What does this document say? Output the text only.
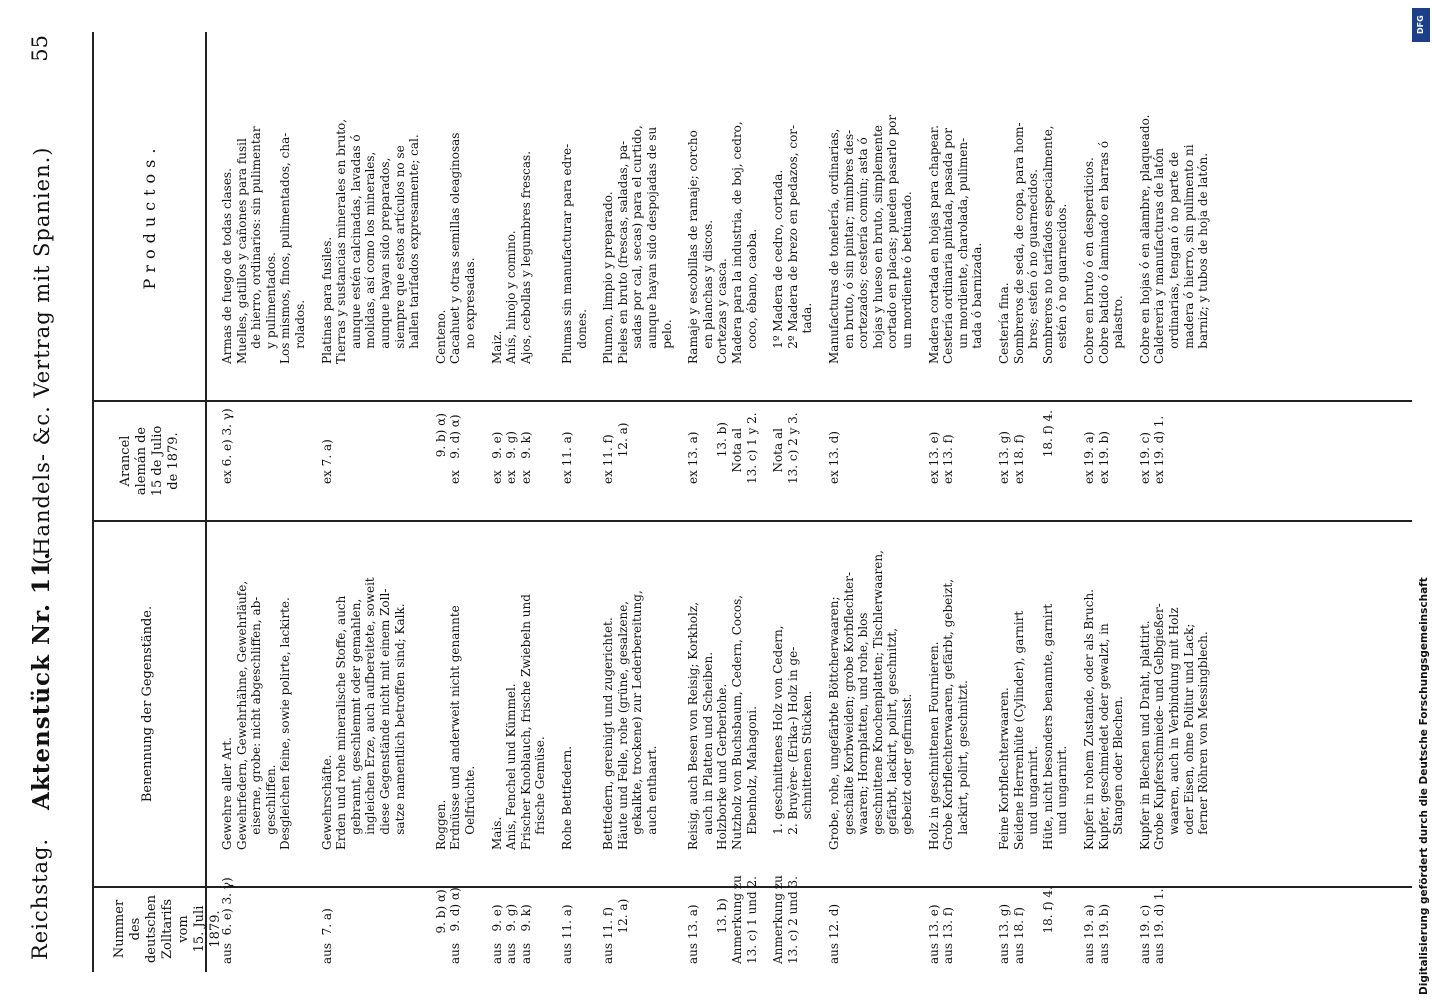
Reichstag.
Aktenstück Nr. 11.
(Handels- &c. Vertrag mit Spanien.)
55
Nummer des deutschen Zolltarifs vom 15. Juli 1879.
Benennung der Gegenstände.
Arancel alemán de 15 de Julio de 1879.
Productos.
aus  6. e) 3. γ)
Gewehre aller Art.
Gewehrfedern, Gewehrhähne, Gewehrläufe,
eiserne, grobe: nicht abgeschliffen, ab-
geschliffen.
Desgleichen feine, sowie polirte, lackirte.
ex 6. e) 3. γ)
Armas de fuego de todas clases.
Muelles, gatillos y cañones para fusil
de hierro, ordinarios: sin pulimentar
y pulimentados.
Los mismos, finos, pulimentados, cha-
rolados.
aus  7. a)
Gewehrschäfte.
Erden und rohe mineralische Stoffe, auch
gebrannt, geschlemmt oder gemahlen,
ingleichen Erze, auch aufbereitete, soweit
diese Gegenstände nicht mit einem Zoll-
satze namentlich betroffen sind; Kalk.
ex 7. a)
Platinas para fusiles.
Tierras y sustancias minerales en bruto,
aunque estén calcinadas, lavadas ó
molidas, así como los minerales,
aunque hayan sido preparados,
siempre que estos artículos no se
hallen tarifados expresamente; cal.
9. b) α)
aus   9. d) α)
Roggen.
Erdnüsse und anderweit nicht genannte
Oelfrüchte.
9. b) α)
ex   9. d) α)
Centeno.
Cacahuet y otras semillas oleaginosas
no expresadas.
aus   9. e)
aus   9. g)
aus   9. k)
Mais.
Anis, Fenchel und Kümmel.
Frischer Knoblauch, frische Zwiebeln und
frische Gemüse.
ex   9. e)
ex   9. g)
ex   9. k)
Maiz.
Anís, hinojo y comino.
Ajos, cebollas y legumbres frescas.
aus 11. a)
Rohe Bettfedern.
ex 11. a)
Plumas sin manufacturar para edre-
dones.
aus 11. f)
12. a)
Bettfedern, gereinigt und zugerichtet.
Häute und Felle, rohe (grüne, gesalzene,
gekalkte, trockene) zur Lederbereitung,
auch enthaart.
ex 11. f)
12. a)
Plumon, limpio y preparado.
Pieles en bruto (frescas, saladas, pa-
sadas por cal, secas) para el curtido,
aunque hayan sido despojadas de su
pelo.
aus 13. a)

13. b)
Anmerkung zu
13. c) 1 und 2.
Reisig, auch Besen von Reisig; Korkholz,
auch in Platten und Scheiben.
Holzborke und Gerberlohe.
Nutzholz von Buchsbaum, Cedern, Cocos,
Ebenholz, Mahagoni.
ex 13. a)

13. b)
Nota al
13. c) 1 y 2.
Ramaje y escobillas de ramaje; corcho
en planchas y discos.
Cortezas y casca.
Madera para la industria, de boj, cedro,
coco, ébano, caoba.
Anmerkung zu
13. c) 2 und 3.
1. geschnittenes Holz von Cedern,
2. Bruyère- (Erika-) Holz in ge-
schnittenen Stücken.
Nota al
13. c) 2 y 3.
1º Madera de cedro, cortada.
2º Madera de brezo en pedazos, cor-
tada.
aus 12. d)
Grobe, rohe, ungefärbte Böttcherwaaren;
geschälte Korbweiden; grobe Korbflechter-
waaren; Hornplatten, und rohe, blos
geschnittene Knochenplatten; Tischlerwaaren,
gefärbt, lackirt, polirt, geschnitzt,
gebeizt oder gefirnisst.
ex 13. d)
Manufacturas de tonelería, ordinarias,
en bruto, ó sin pintar; mimbres des-
cortezados; cestería común; asta ó
hojas y hueso en bruto, simplemente
cortado en placas; pueden pasarlo por
un mordiente ó betúnado.
aus 13. e)
aus 13. f)
Holz in geschnittenen Fournieren.
Grobe Korbflechterwaaren, gefärbt, gebeizt,
lackirt, polirt, geschnitzt.
ex 13. e)
ex 13. f)
Madera cortada en hojas para chapear.
Cestería ordinaria pintada, pasada por
un mordiente, charolada, pulimen-
tada ó barnizada.
aus 13. g)
aus 18. f)

18. f) 4.
Feine Korbflechterwaaren.
Seidene Herrenhüte (Cylinder), garnirt
und ungarnirt.
Hüte, nicht besonders benannte, garnirt
und ungarnirt.
ex 13. g)
ex 18. f)

18. f) 4.
Cestería fina.
Sombreros de seda, de copa, para hom-
bres; estén ó no guarnecidos.
Sombreros no tarifados especialmente,
estén ó no guarnecidos.
aus 19. a)
aus 19. b)
Kupfer in rohem Zustande, oder als Bruch.
Kupfer, geschmiedet oder gewalzt, in
Stangen oder Blechen.
ex 19. a)
ex 19. b)
Cobre en bruto ó en desperdicios.
Cobre batido ó laminado en barras ó
palastro.
aus 19. c)
aus 19. d) 1.
Kupfer in Blechen und Draht, plattirt.
Grobe Kupferschmiede- und Gelbgießer-
waaren, auch in Verbindung mit Holz
oder Eisen, ohne Politur und Lack;
ferner Röhren von Messingblech.
ex 19. c)
ex 19. d) 1.
Cobre en hojas ó en alambre, plaqueado.
Caldereria y manufacturas de latón
ordinarias, tengan ó no parte de
madera ó hierro, sin pulimento ni
barniz; y tubos de hoja de latón.
Digitalisierung gefördert durch die Deutsche Forschungsgemeinschaft
DFG
